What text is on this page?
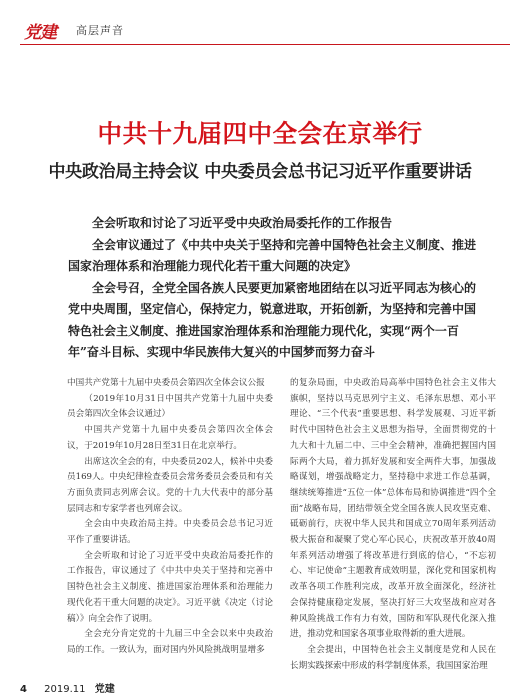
党建 高层声音
中共十九届四中全会在京举行
中央政治局主持会议 中央委员会总书记习近平作重要讲话

全会听取和讨论了习近平受中央政治局委托作的工作报告

全会审议通过了《中共中央关于坚持和完善中国特色社会主义制度、推进国家治理体系和治理能力现代化若干重大问题的决定》

全会号召，全党全国各族人民要更加紧密地团结在以习近平同志为核心的党中央周围，坚定信心，保持定力，锐意进取，开拓创新，为坚持和完善中国特色社会主义制度、推进国家治理体系和治理能力现代化，实现“两个一百年”奋斗目标、实现中华民族伟大复兴的中国梦而努力奋斗

中国共产党第十九届中央委员会第四次全体会议公报

（2019年10月31日中国共产党第十九届中央委员会第四次全体会议通过）

中国共产党第十九届中央委员会第四次全体会议，于2019年10月28日至31日在北京举行。

出席这次全会的有，中央委员202人，候补中央委员169人。中央纪律检查委员会常务委员会委员和有关方面负责同志列席会议。党的十九大代表中的部分基层同志和专家学者也列席会议。

全会由中央政治局主持。中央委员会总书记习近平作了重要讲话。

全会听取和讨论了习近平受中央政治局委托作的工作报告，审议通过了《中共中央关于坚持和完善中国特色社会主义制度、推进国家治理体系和治理能力现代化若干重大问题的决定》。习近平就《决定（讨论稿）》向全会作了说明。

全会充分肯定党的十九届三中全会以来中央政治局的工作。一致认为，面对国内外风险挑战明显增多

的复杂局面，中央政治局高举中国特色社会主义伟大旗帜，坚持以马克思列宁主义、毛泽东思想、邓小平理论、“三个代表”重要思想、科学发展观、习近平新时代中国特色社会主义思想为指导，全面贯彻党的十九大和十九届二中、三中全会精神，准确把握国内国际两个大局，着力抓好发展和安全两件大事，加强战略谋划，增强战略定力，坚持稳中求进工作总基调，继续统筹推进“五位一体”总体布局和协调推进“四个全面”战略布局，团结带领全党全国各族人民攻坚克难、砥砺前行，庆祝中华人民共和国成立70周年系列活动极大振奋和凝聚了党心军心民心，庆祝改革开放40周年系列活动增强了将改革进行到底的信心，“不忘初心、牢记使命”主题教育成效明显，深化党和国家机构改革各项工作胜利完成，改革开放全面深化，经济社会保持健康稳定发展，坚决打好三大攻坚战和应对各种风险挑战工作有力有效，国防和军队现代化深入推进，推动党和国家各项事业取得新的重大进展。

全会提出，中国特色社会主义制度是党和人民在长期实践探索中形成的科学制度体系，我国国家治理

4 2019.11 党建
